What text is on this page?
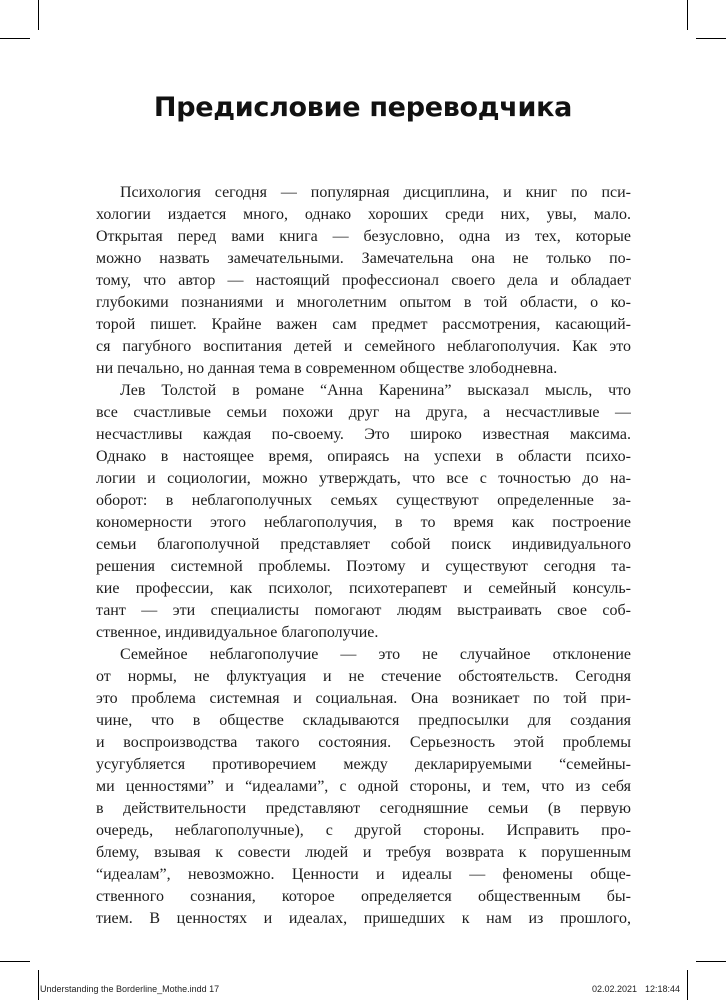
Предисловие переводчика
Психология сегодня — популярная дисциплина, и книг по пси-
хологии издается много, однако хороших среди них, увы, мало.
Открытая перед вами книга — безусловно, одна из тех, которые
можно назвать замечательными. Замечательна она не только по-
тому, что автор — настоящий профессионал своего дела и обладает
глубокими познаниями и многолетним опытом в той области, о ко-
торой пишет. Крайне важен сам предмет рассмотрения, касающий-
ся пагубного воспитания детей и семейного неблагополучия. Как это
ни печально, но данная тема в современном обществе злободневна.
Лев Толстой в романе “Анна Каренина” высказал мысль, что
все счастливые семьи похожи друг на друга, а несчастливые —
несчастливы каждая по-своему. Это широко известная максима.
Однако в настоящее время, опираясь на успехи в области психо-
логии и социологии, можно утверждать, что все с точностью до на-
оборот: в неблагополучных семьях существуют определенные за-
кономерности этого неблагополучия, в то время как построение
семьи благополучной представляет собой поиск индивидуального
решения системной проблемы. Поэтому и существуют сегодня та-
кие профессии, как психолог, психотерапевт и семейный консуль-
тант — эти специалисты помогают людям выстраивать свое соб-
ственное, индивидуальное благополучие.
Семейное неблагополучие — это не случайное отклонение
от нормы, не флуктуация и не стечение обстоятельств. Сегодня
это проблема системная и социальная. Она возникает по той при-
чине, что в обществе складываются предпосылки для создания
и воспроизводства такого состояния. Серьезность этой проблемы
усугубляется противоречием между декларируемыми “семейны-
ми ценностями” и “идеалами”, с одной стороны, и тем, что из себя
в действительности представляют сегодняшние семьи (в первую
очередь, неблагополучные), с другой стороны. Исправить про-
блему, взывая к совести людей и требуя возврата к порушенным
“идеалам”, невозможно. Ценности и идеалы — феномены обще-
ственного сознания, которое определяется общественным бы-
тием. В ценностях и идеалах, пришедших к нам из прошлого,
Understanding the Borderline_Mothe.indd 17	02.02.2021 12:18:44
